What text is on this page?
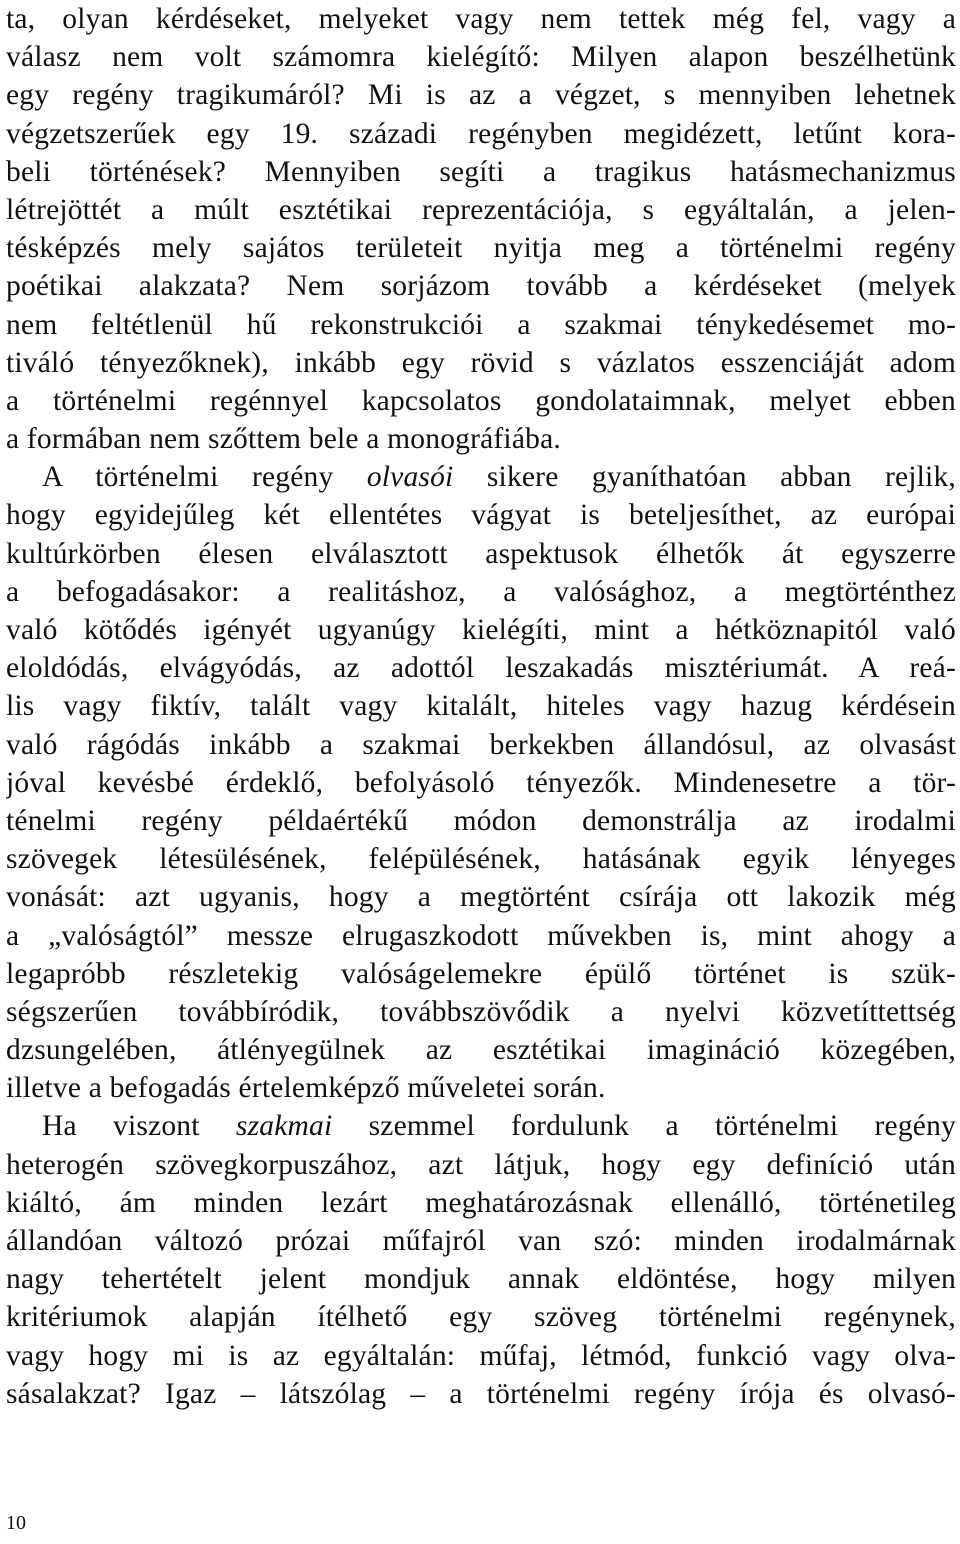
ta, olyan kérdéseket, melyeket vagy nem tettek még fel, vagy a
válasz nem volt számomra kielégítő: Milyen alapon beszélhetünk
egy regény tragikumáról? Mi is az a végzet, s mennyiben lehetnek
végzetszerűek egy 19. századi regényben megidézett, letűnt kora-
beli történések? Mennyiben segíti a tragikus hatásmechanizmus
létrejöttét a múlt esztétikai reprezentációja, s egyáltalán, a jelen-
tésképzés mely sajátos területeit nyitja meg a történelmi regény
poétikai alakzata? Nem sorjázom tovább a kérdéseket (melyek
nem feltétlenül hű rekonstrukciói a szakmai ténykedésemet mo-
tiváló tényezőknek), inkább egy rövid s vázlatos esszenciáját adom
a történelmi regénnyel kapcsolatos gondolataimnak, melyet ebben
a formában nem szőttem bele a monográfiába.
A történelmi regény olvasói sikere gyaníthatóan abban rejlik,
hogy egyidejűleg két ellentétes vágyat is beteljesíthet, az európai
kultúrkörben élesen elválasztott aspektusok élhetők át egyszerre
a befogadásakor: a realitáshoz, a valósághoz, a megtörténthez
való kötődés igényét ugyanúgy kielégíti, mint a hétköznapitól való
eloldódás, elvágyódás, az adottól leszakadás misztériumát. A reá-
lis vagy fiktív, talált vagy kitalált, hiteles vagy hazug kérdésein
való rágódás inkább a szakmai berkekben állandósul, az olvasást
jóval kevésbé érdeklő, befolyásoló tényezők. Mindenesetre a tör-
ténelmi regény példaértékű módon demonstrálja az irodalmi
szövegek létesülésének, felépülésének, hatásának egyik lényeges
vonását: azt ugyanis, hogy a megtörtént csírája ott lakozik még
a „valóságtól” messze elrugaszkodott művekben is, mint ahogy a
legapróbb részletekig valóságelemekre épülő történet is szük-
ségszerűen továbbíródik, továbbszövődik a nyelvi közvetíttettség
dzsungelében, átlényegülnek az esztétikai imagináció közegében,
illetve a befogadás értelemképző műveletei során.
Ha viszont szakmai szemmel fordulunk a történelmi regény
heterogén szövegkorpuszához, azt látjuk, hogy egy definíció után
kiáltó, ám minden lezárt meghatározásnak ellenálló, történetileg
állandóan változó prózai műfajról van szó: minden irodalmárnak
nagy tehertételt jelent mondjuk annak eldöntése, hogy milyen
kritériumok alapján ítélhető egy szöveg történelmi regénynek,
vagy hogy mi is az egyáltalán: műfaj, létmód, funkció vagy olva-
sásalakzat? Igaz – látszólag – a történelmi regény írója és olvasó-
10
